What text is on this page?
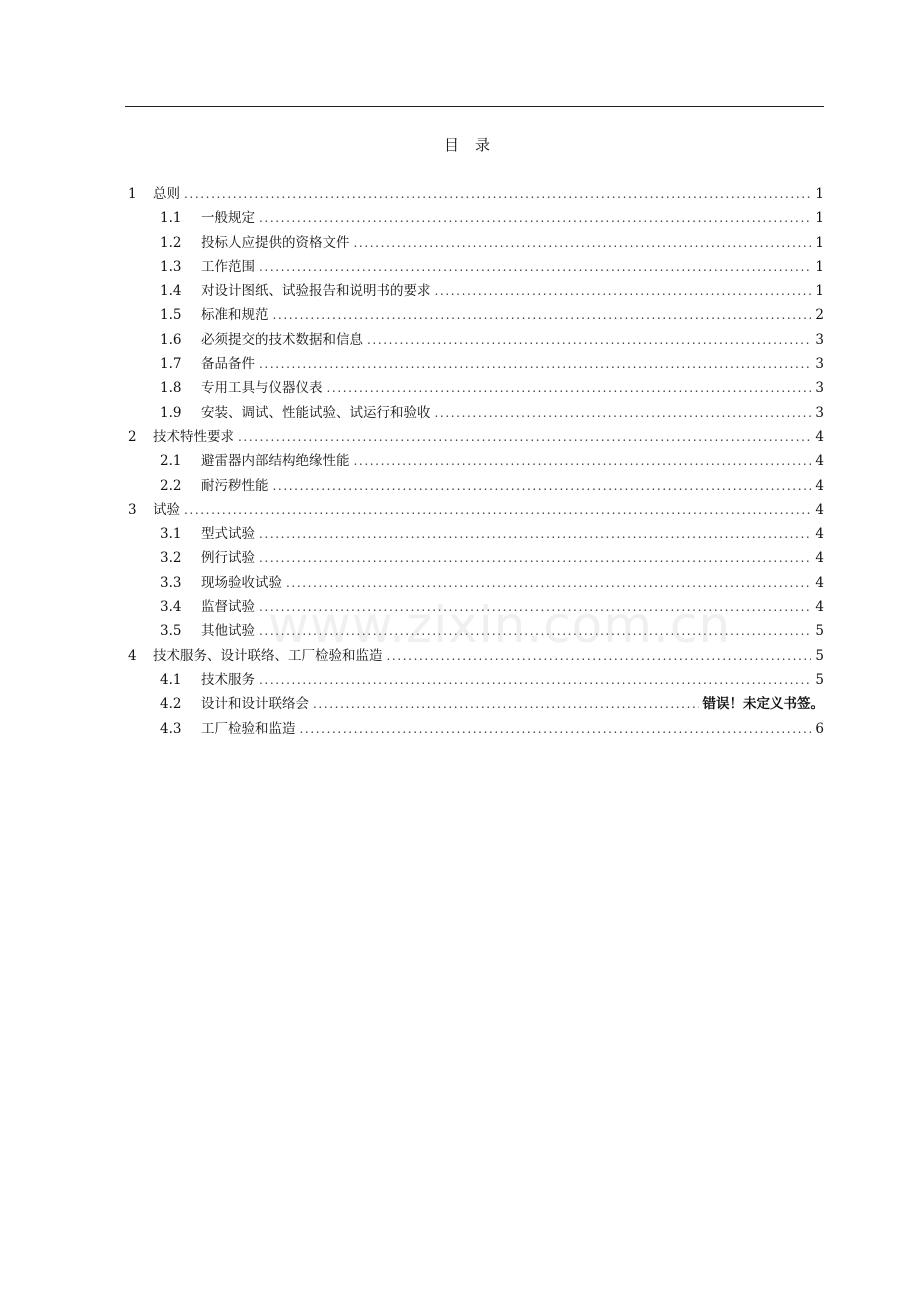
目录
1	总则 .....	1
1.1	一般规定 .....	1
1.2	投标人应提供的资格文件 .....	1
1.3	工作范围 .....	1
1.4	对设计图纸、试验报告和说明书的要求 .....	1
1.5	标准和规范 .....	2
1.6	必须提交的技术数据和信息 .....	3
1.7	备品备件 .....	3
1.8	专用工具与仪器仪表 .....	3
1.9	安装、调试、性能试验、试运行和验收 .....	3
2	技术特性要求 .....	4
2.1	避雷器内部结构绝缘性能 .....	4
2.2	耐污秽性能 .....	4
3	试验 .....	4
3.1	型式试验 .....	4
3.2	例行试验 .....	4
3.3	现场验收试验 .....	4
3.4	监督试验 .....	4
3.5	其他试验 .....	5
4	技术服务、设计联络、工厂检验和监造 .....	5
4.1	技术服务 .....	5
4.2	设计和设计联络会 .....	错误！未定义书签。
4.3	工厂检验和监造 .....	6
www.zixin.com.cn
